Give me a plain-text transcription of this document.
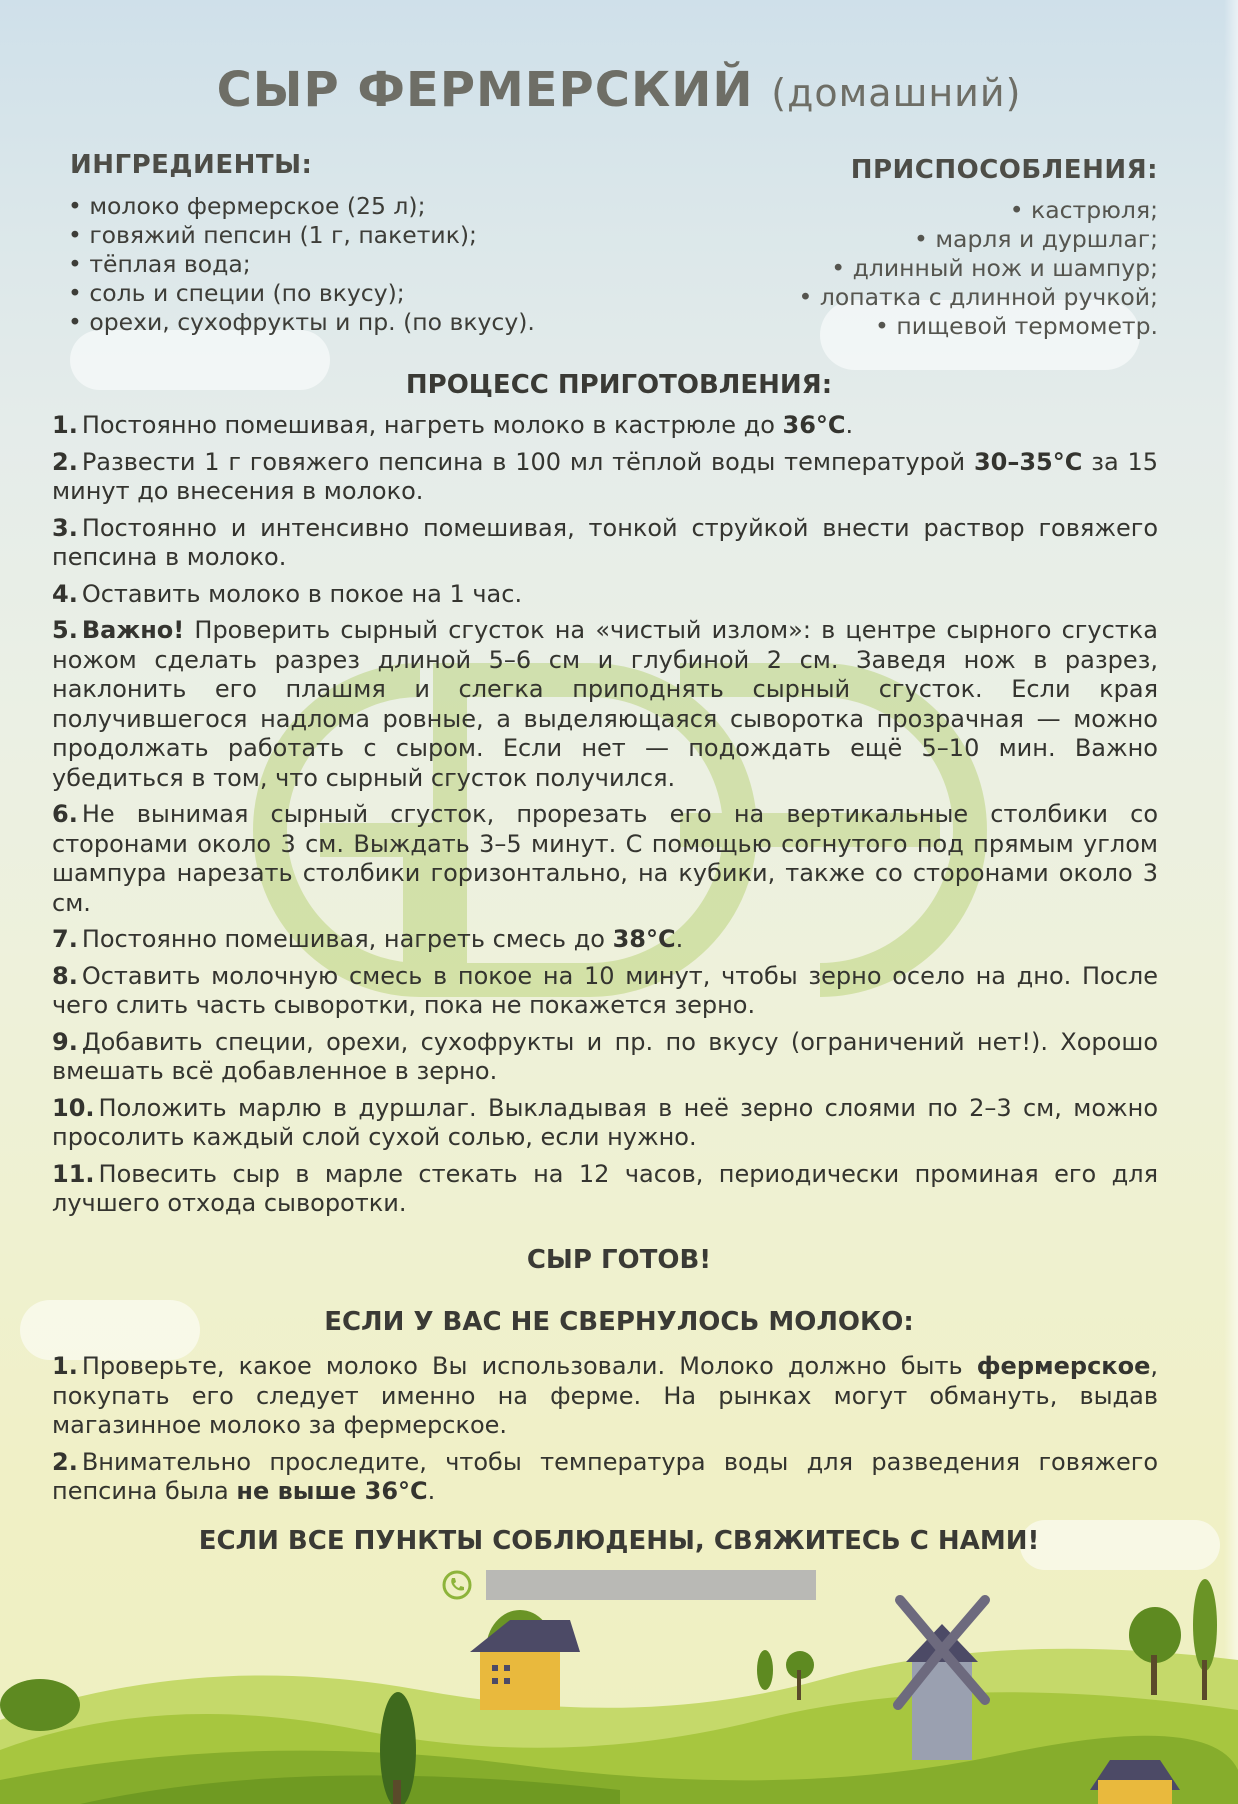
СЫР ФЕРМЕРСКИЙ (домашний)
ИНГРЕДИЕНТЫ:
• молоко фермерское (25 л);
• говяжий пепсин (1 г, пакетик);
• тёплая вода;
• соль и специи (по вкусу);
• орехи, сухофрукты и пр. (по вкусу).
ПРИСПОСОБЛЕНИЯ:
• кастрюля;
• марля и дуршлаг;
• длинный нож и шампур;
• лопатка с длинной ручкой;
• пищевой термометр.
ПРОЦЕСС ПРИГОТОВЛЕНИЯ:

1. Постоянно помешивая, нагреть молоко в кастрюле до 36°С.

2. Развести 1 г говяжего пепсина в 100 мл тёплой воды температурой 30–35°С за 15 минут до внесения в молоко.

3. Постоянно и интенсивно помешивая, тонкой струйкой внести раствор говяжего пепсина в молоко.

4. Оставить молоко в покое на 1 час.

5. Важно! Проверить сырный сгусток на «чистый излом»: в центре сырного сгустка ножом сделать разрез длиной 5–6 см и глубиной 2 см. Заведя нож в разрез, наклонить его плашмя и слегка приподнять сырный сгусток. Если края получившегося надлома ровные, а выделяющаяся сыворотка прозрачная — можно продолжать работать с сыром. Если нет — подождать ещё 5–10 мин. Важно убедиться в том, что сырный сгусток получился.

6. Не вынимая сырный сгусток, прорезать его на вертикальные столбики со сторонами около 3 см. Выждать 3–5 минут. С помощью согнутого под прямым углом шампура нарезать столбики горизонтально, на кубики, также со сторонами около 3 см.

7. Постоянно помешивая, нагреть смесь до 38°С.

8. Оставить молочную смесь в покое на 10 минут, чтобы зерно осело на дно. После чего слить часть сыворотки, пока не покажется зерно.

9. Добавить специи, орехи, сухофрукты и пр. по вкусу (ограничений нет!). Хорошо вмешать всё добавленное в зерно.

10. Положить марлю в дуршлаг. Выкладывая в неё зерно слоями по 2–3 см, можно просолить каждый слой сухой солью, если нужно.

11. Повесить сыр в марле стекать на 12 часов, периодически проминая его для лучшего отхода сыворотки.

СЫР ГОТОВ!
ЕСЛИ У ВАС НЕ СВЕРНУЛОСЬ МОЛОКО:

1. Проверьте, какое молоко Вы использовали. Молоко должно быть фермерское, покупать его следует именно на ферме. На рынках могут обмануть, выдав магазинное молоко за фермерское.

2. Внимательно проследите, чтобы температура воды для разведения говяжего пепсина была не выше 36°С.

ЕСЛИ ВСЕ ПУНКТЫ СОБЛЮДЕНЫ, СВЯЖИТЕСЬ С НАМИ!
